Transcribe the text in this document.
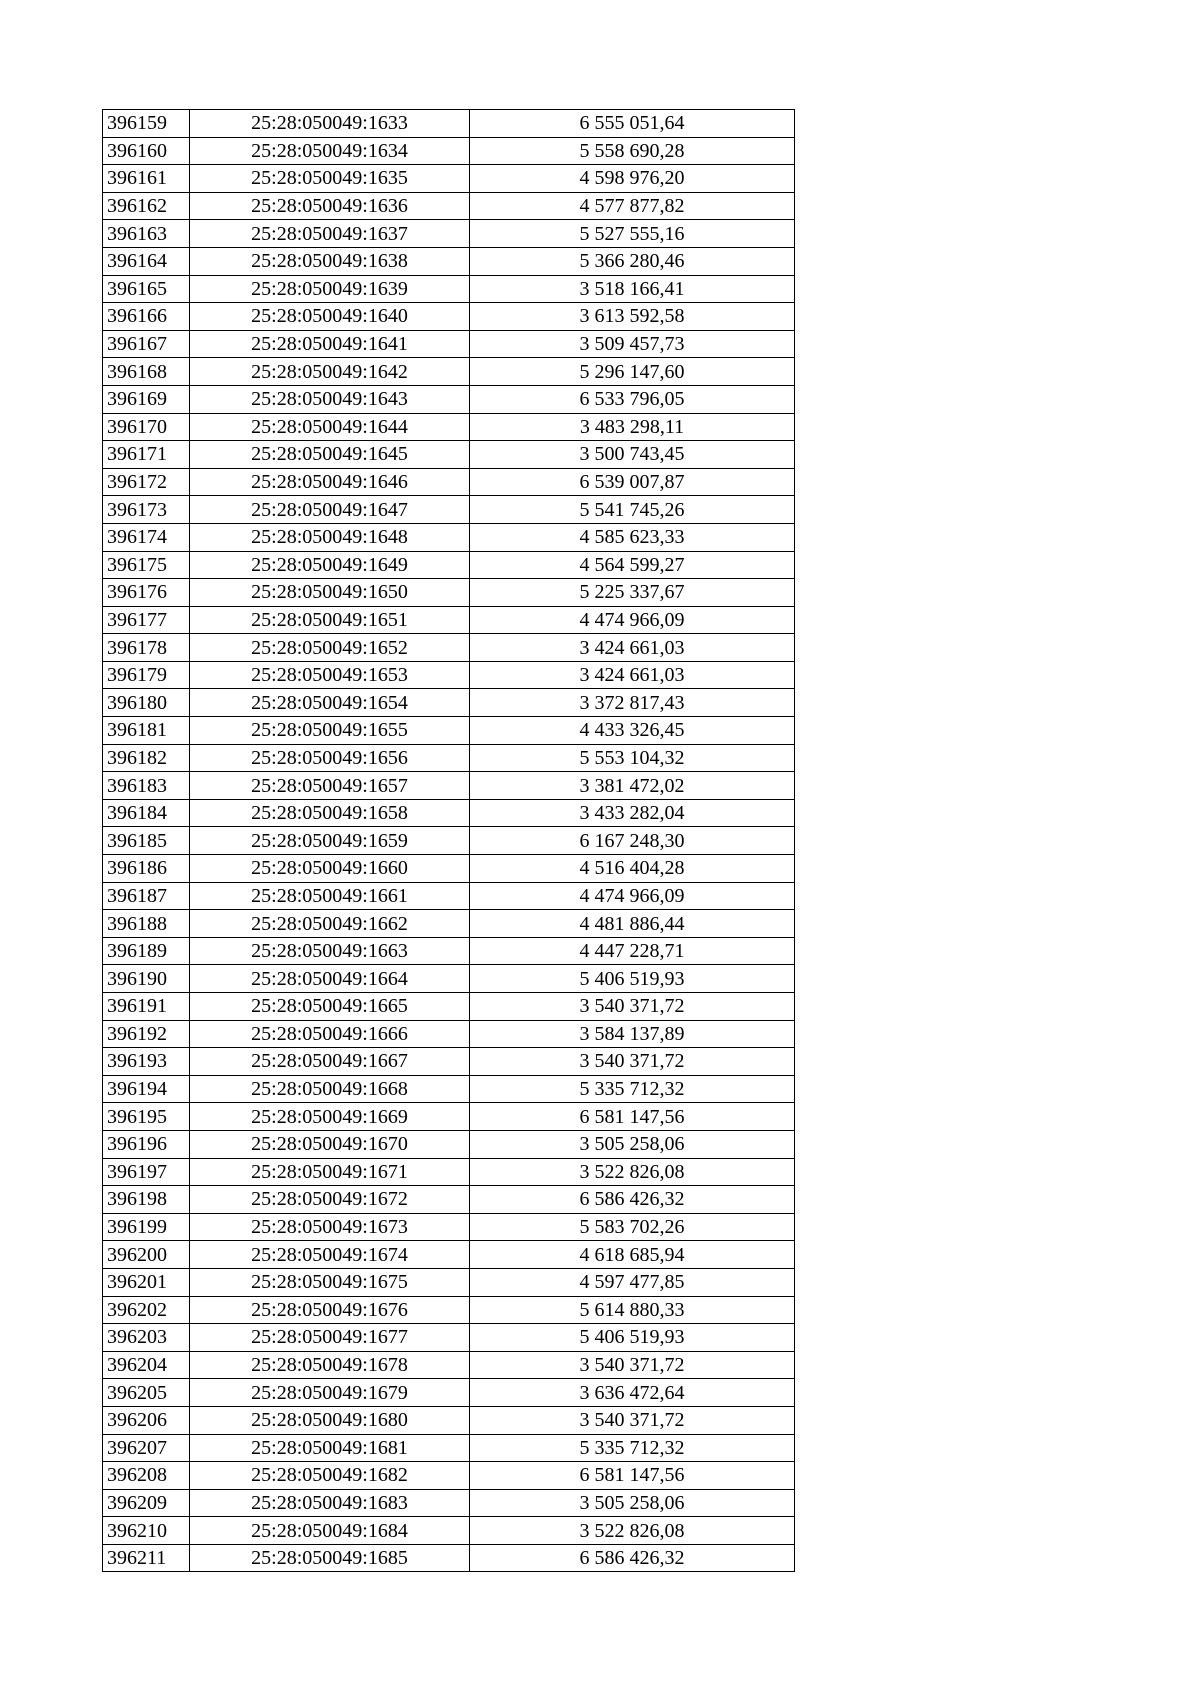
396159	25:28:050049:1633	6 555 051,64
396160	25:28:050049:1634	5 558 690,28
396161	25:28:050049:1635	4 598 976,20
396162	25:28:050049:1636	4 577 877,82
396163	25:28:050049:1637	5 527 555,16
396164	25:28:050049:1638	5 366 280,46
396165	25:28:050049:1639	3 518 166,41
396166	25:28:050049:1640	3 613 592,58
396167	25:28:050049:1641	3 509 457,73
396168	25:28:050049:1642	5 296 147,60
396169	25:28:050049:1643	6 533 796,05
396170	25:28:050049:1644	3 483 298,11
396171	25:28:050049:1645	3 500 743,45
396172	25:28:050049:1646	6 539 007,87
396173	25:28:050049:1647	5 541 745,26
396174	25:28:050049:1648	4 585 623,33
396175	25:28:050049:1649	4 564 599,27
396176	25:28:050049:1650	5 225 337,67
396177	25:28:050049:1651	4 474 966,09
396178	25:28:050049:1652	3 424 661,03
396179	25:28:050049:1653	3 424 661,03
396180	25:28:050049:1654	3 372 817,43
396181	25:28:050049:1655	4 433 326,45
396182	25:28:050049:1656	5 553 104,32
396183	25:28:050049:1657	3 381 472,02
396184	25:28:050049:1658	3 433 282,04
396185	25:28:050049:1659	6 167 248,30
396186	25:28:050049:1660	4 516 404,28
396187	25:28:050049:1661	4 474 966,09
396188	25:28:050049:1662	4 481 886,44
396189	25:28:050049:1663	4 447 228,71
396190	25:28:050049:1664	5 406 519,93
396191	25:28:050049:1665	3 540 371,72
396192	25:28:050049:1666	3 584 137,89
396193	25:28:050049:1667	3 540 371,72
396194	25:28:050049:1668	5 335 712,32
396195	25:28:050049:1669	6 581 147,56
396196	25:28:050049:1670	3 505 258,06
396197	25:28:050049:1671	3 522 826,08
396198	25:28:050049:1672	6 586 426,32
396199	25:28:050049:1673	5 583 702,26
396200	25:28:050049:1674	4 618 685,94
396201	25:28:050049:1675	4 597 477,85
396202	25:28:050049:1676	5 614 880,33
396203	25:28:050049:1677	5 406 519,93
396204	25:28:050049:1678	3 540 371,72
396205	25:28:050049:1679	3 636 472,64
396206	25:28:050049:1680	3 540 371,72
396207	25:28:050049:1681	5 335 712,32
396208	25:28:050049:1682	6 581 147,56
396209	25:28:050049:1683	3 505 258,06
396210	25:28:050049:1684	3 522 826,08
396211	25:28:050049:1685	6 586 426,32
